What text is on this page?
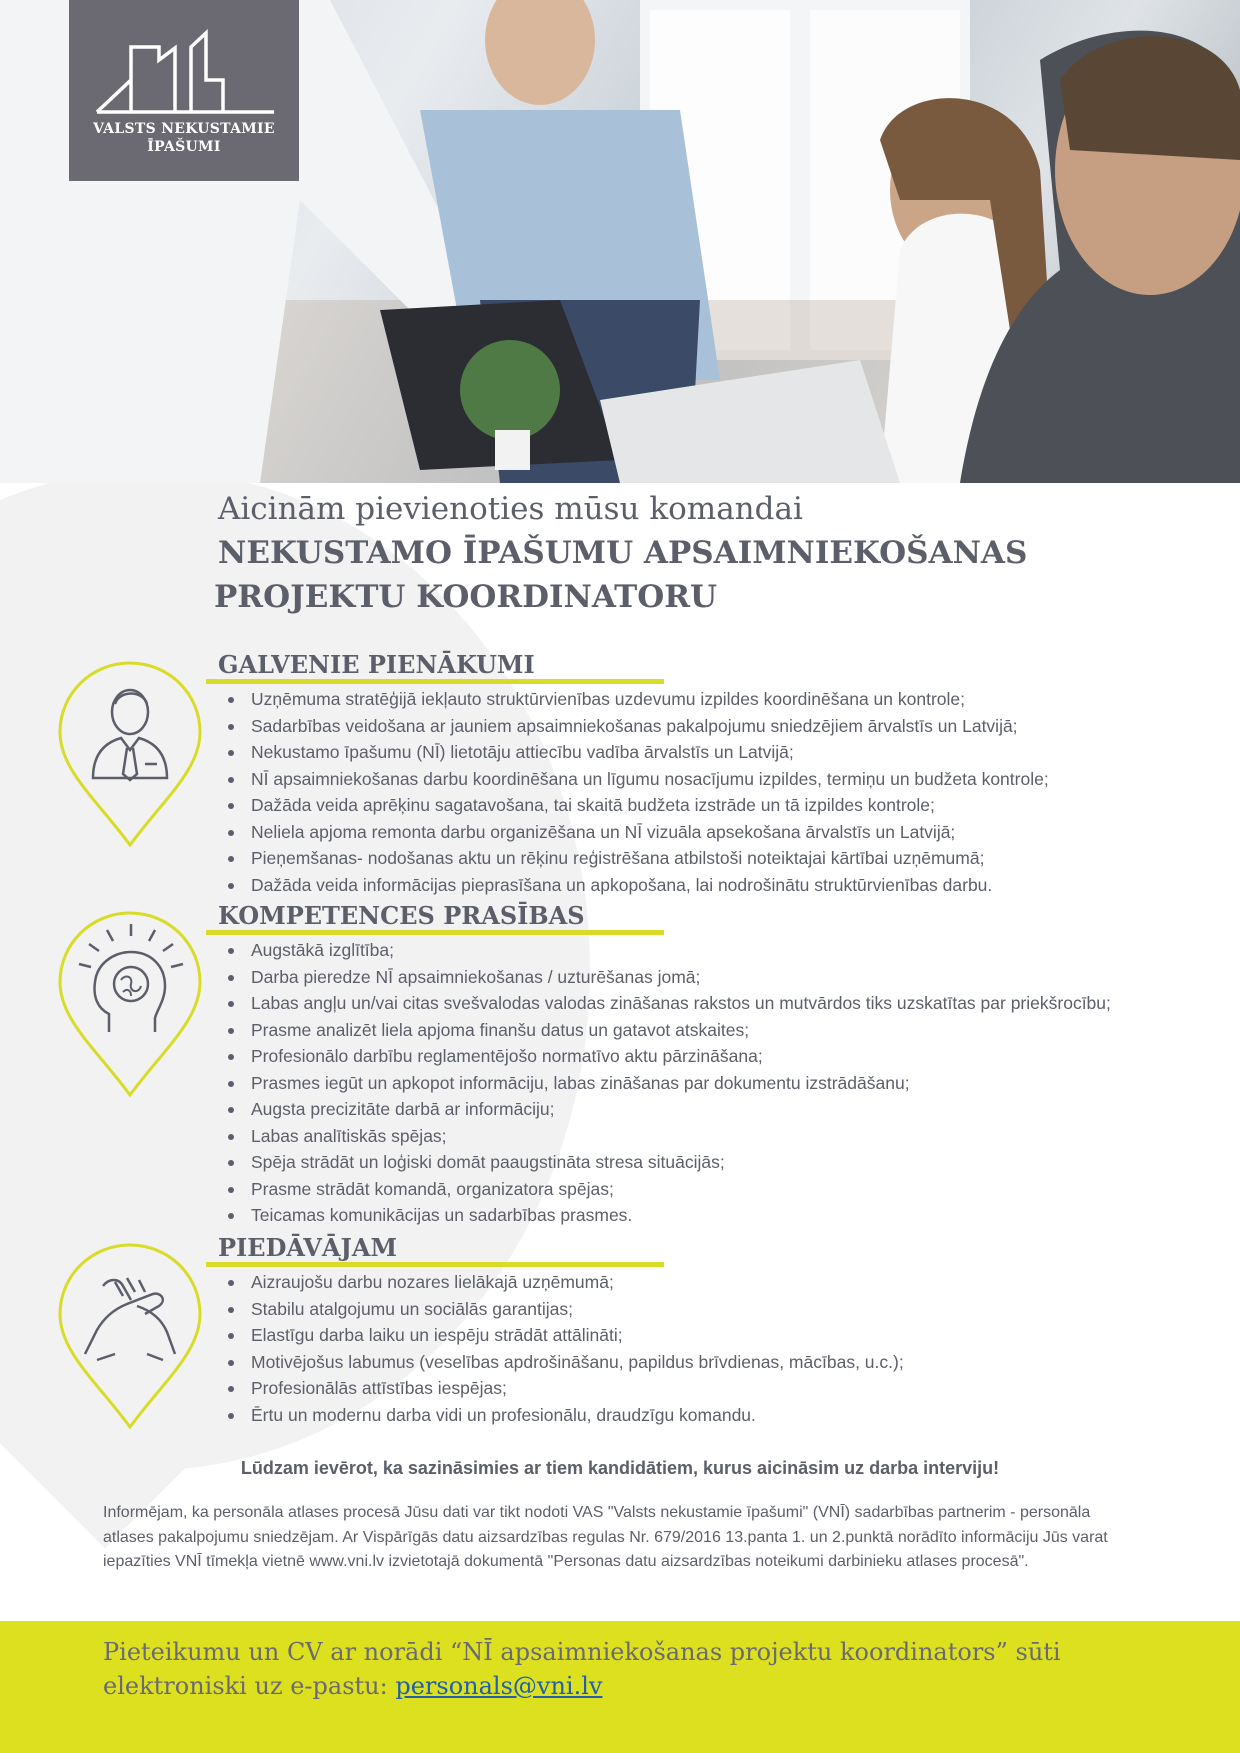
VALSTS NEKUSTAMIE
ĪPAŠUMI
Aicinām pievienoties mūsu komandai
NEKUSTAMO ĪPAŠUMU APSAIMNIEKOŠANAS
PROJEKTU KOORDINATORU
GALVENIE PIENĀKUMI
Uzņēmuma stratēģijā iekļauto struktūrvienības uzdevumu izpildes koordinēšana un kontrole;
Sadarbības veidošana ar jauniem apsaimniekošanas pakalpojumu sniedzējiem ārvalstīs un Latvijā;
Nekustamo īpašumu (NĪ) lietotāju attiecību vadība ārvalstīs un Latvijā;
NĪ apsaimniekošanas darbu koordinēšana un līgumu nosacījumu izpildes, termiņu un budžeta kontrole;
Dažāda veida aprēķinu sagatavošana, tai skaitā budžeta izstrāde un tā izpildes kontrole;
Neliela apjoma remonta darbu organizēšana un NĪ vizuāla apsekošana ārvalstīs un Latvijā;
Pieņemšanas- nodošanas aktu un rēķinu reģistrēšana atbilstoši noteiktajai kārtībai uzņēmumā;
Dažāda veida informācijas pieprasīšana un apkopošana, lai nodrošinātu struktūrvienības darbu.
KOMPETENCES PRASĪBAS
Augstākā izglītība;
Darba pieredze NĪ apsaimniekošanas / uzturēšanas jomā;
Labas angļu un/vai citas svešvalodas valodas zināšanas rakstos un mutvārdos tiks uzskatītas par priekšrocību;
Prasme analizēt liela apjoma finanšu datus un gatavot atskaites;
Profesionālo darbību reglamentējošo normatīvo aktu pārzināšana;
Prasmes iegūt un apkopot informāciju, labas zināšanas par dokumentu izstrādāšanu;
Augsta precizitāte darbā ar informāciju;
Labas analītiskās spējas;
Spēja strādāt un loģiski domāt paaugstināta stresa situācijās;
Prasme strādāt komandā, organizatora spējas;
Teicamas komunikācijas un sadarbības prasmes.
PIEDĀVĀJAM
Aizraujošu darbu nozares lielākajā uzņēmumā;
Stabilu atalgojumu un sociālās garantijas;
Elastīgu darba laiku un iespēju strādāt attālināti;
Motivējošus labumus (veselības apdrošināšanu, papildus brīvdienas, mācības, u.c.);
Profesionālās attīstības iespējas;
Ērtu un modernu darba vidi un profesionālu, draudzīgu komandu.
Lūdzam ievērot, ka sazināsimies ar tiem kandidātiem, kurus aicināsim uz darba interviju!
Informējam, ka personāla atlases procesā Jūsu dati var tikt nodoti VAS "Valsts nekustamie īpašumi" (VNĪ) sadarbības partnerim - personāla atlases pakalpojumu sniedzējam. Ar Vispārīgās datu aizsardzības regulas Nr. 679/2016 13.panta 1. un 2.punktā norādīto informāciju Jūs varat iepazīties VNĪ tīmekļa vietnē www.vni.lv izvietotajā dokumentā "Personas datu aizsardzības noteikumi darbinieku atlases procesā".
Pieteikumu un CV ar norādi “NĪ apsaimniekošanas projektu koordinators” sūti
elektroniski uz e-pastu: personals@vni.lv
